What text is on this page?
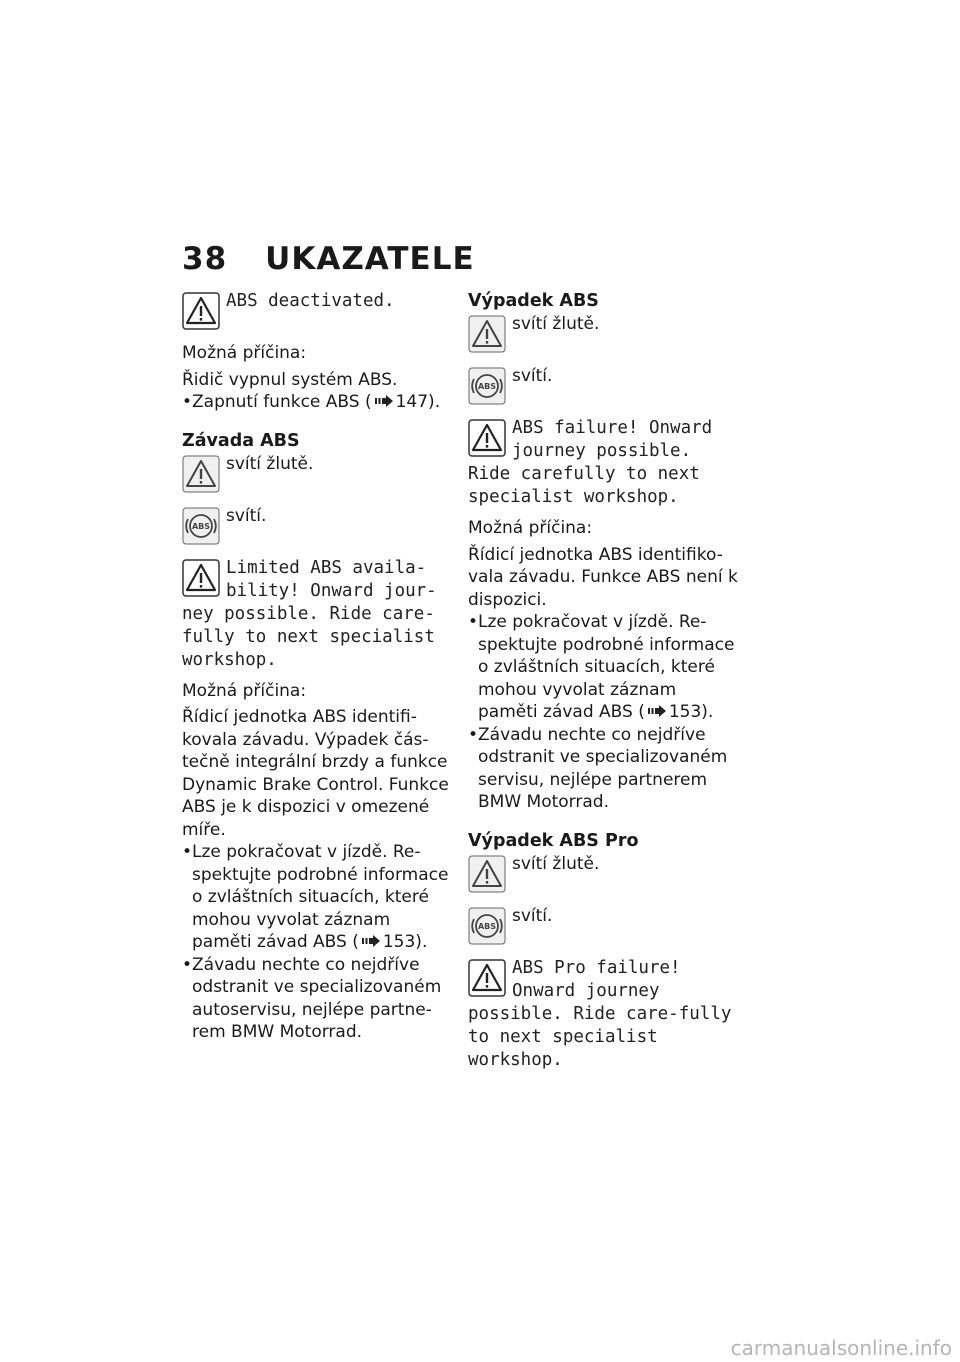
38 UKAZATELE
ABS deactivated.

Možná příčina:

Řidič vypnul systém ABS.

• Zapnutí funkce ABS ( 147).
Závada ABS
svítí žlutě.
ABS
svítí.
Limited ABS availa-
bility! Onward jour-
ney possible. Ride care-fully to next specialist workshop.

Možná příčina:

Řídicí jednotka ABS identifi-kovala závadu. Výpadek čás-tečně integrální brzdy a funkce Dynamic Brake Control. Funkce ABS je k dispozici v omezené míře.

• Lze pokračovat v jízdě. Re-spektujte podrobné informace o zvláštních situacích, které mohou vyvolat záznam paměti závad ABS ( 153).
• Závadu nechte co nejdříve odstranit ve specializovaném autoservisu, nejlépe partne-rem BMW Motorrad.
Výpadek ABS
svítí žlutě.
ABS
svítí.
ABS failure! Onward
journey possible.
Ride carefully to next specialist workshop.

Možná příčina:

Řídicí jednotka ABS identifiko-vala závadu. Funkce ABS není k dispozici.

• Lze pokračovat v jízdě. Re-spektujte podrobné informace o zvláštních situacích, které mohou vyvolat záznam paměti závad ABS ( 153).
• Závadu nechte co nejdříve odstranit ve specializovaném servisu, nejlépe partnerem BMW Motorrad.
Výpadek ABS Pro
svítí žlutě.
ABS
svítí.
ABS Pro failure!
Onward journey
possible. Ride care-fully to next specialist workshop.
carmanualsonline.info
